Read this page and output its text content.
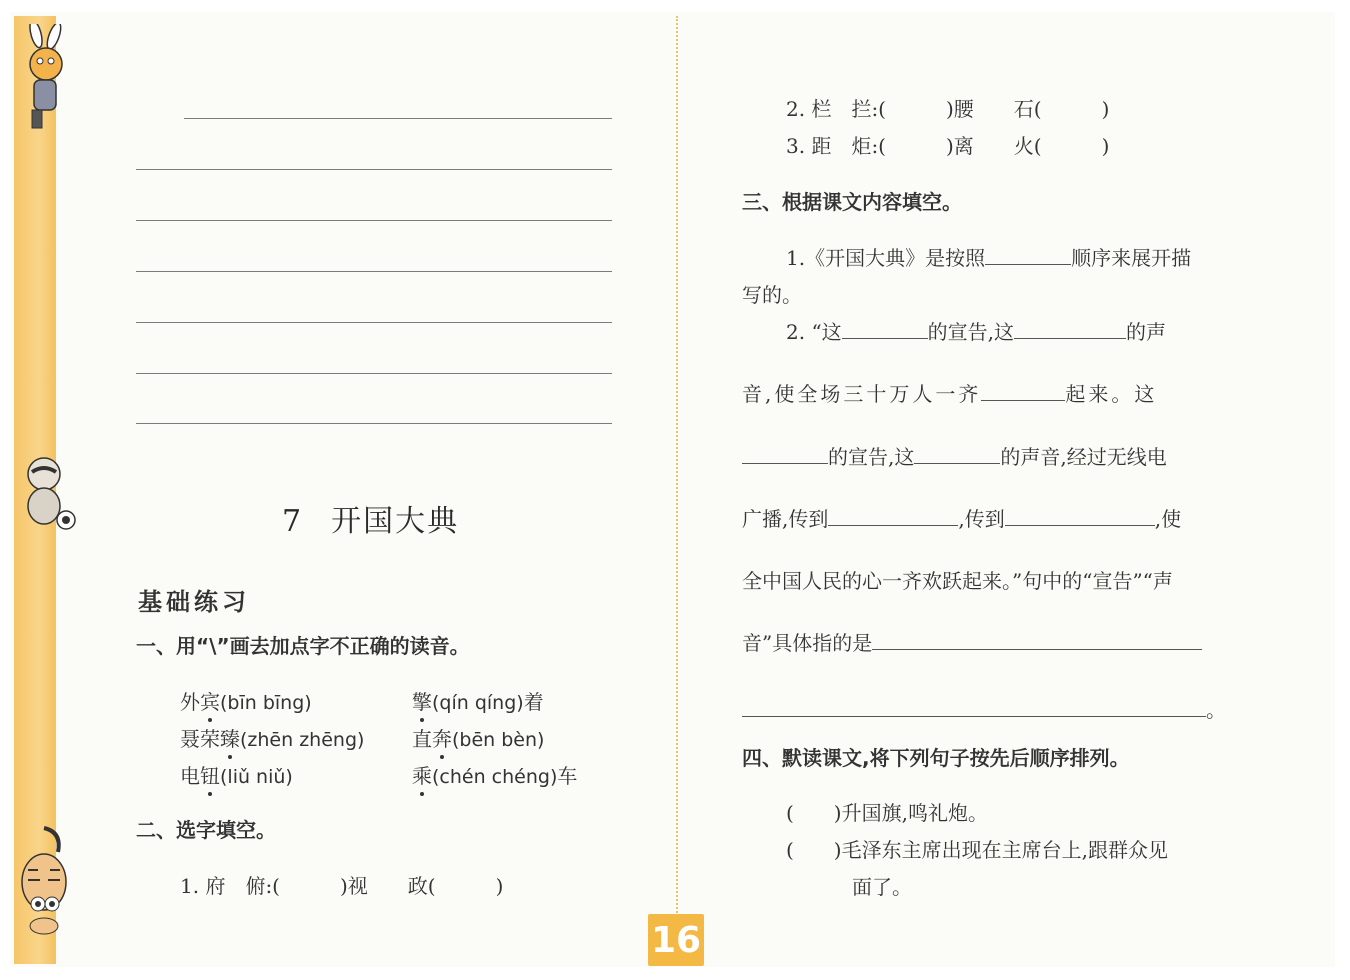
7 开国大典
基础练习
一、用“\”画去加点字不正确的读音。
外宾(bīn bīng)	擎(qín qíng)着
聂荣臻(zhēn zhēng) 直奔(bēn bèn)
电钮(liǔ niǔ)	乘(chén chéng)车
二、选字填空。
1. 府　俯:(　　　)视　　政(　　　)
2. 栏　拦:(　　　)腰　　石(　　　)
3. 距　炬:(　　　)离　　火(　　　)
三、根据课文内容填空。
1.《开国大典》是按照	顺序来展开描
写的。
2. “这	的宣告,这	的声
音,使全场三十万人一齐	起来。这
的宣告,这	的声音,经过无线电
广播,传到	,传到	,使
全中国人民的心一齐欢跃起来。”句中的“宣告”“声
音”具体指的是
。
四、默读课文,将下列句子按先后顺序排列。
(　　)升国旗,鸣礼炮。
(　　)毛泽东主席出现在主席台上,跟群众见
面了。
16
